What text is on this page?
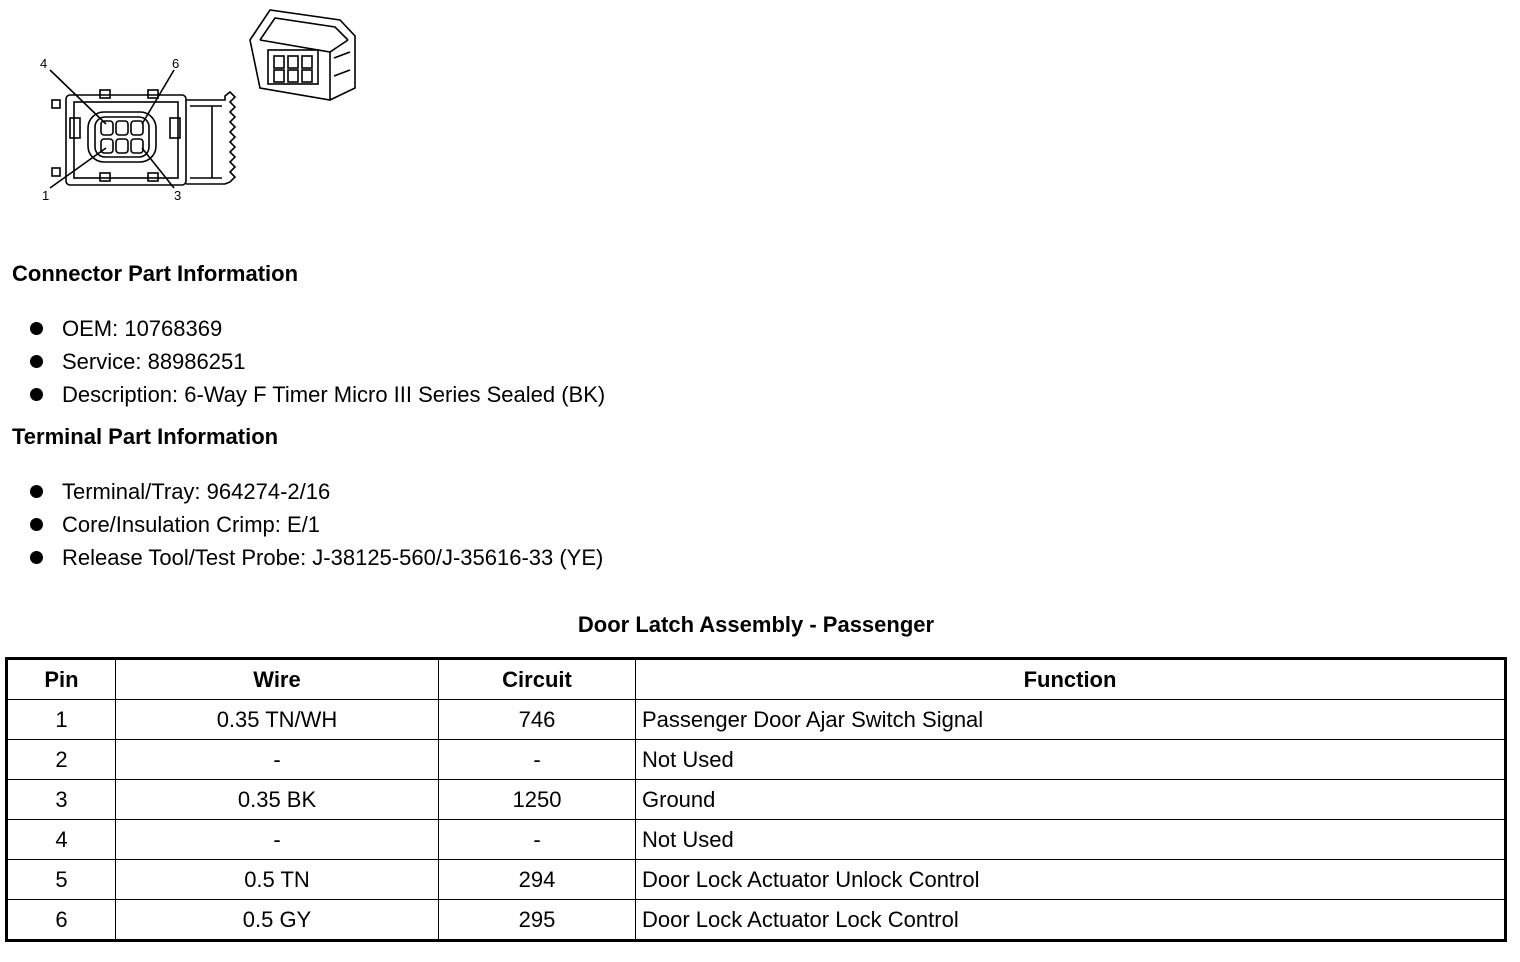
4	6
1	3
Connector Part Information
OEM: 10768369
Service: 88986251
Description: 6-Way F Timer Micro III Series Sealed (BK)
Terminal Part Information
Terminal/Tray: 964274-2/16
Core/Insulation Crimp: E/1
Release Tool/Test Probe: J-38125-560/J-35616-33 (YE)
Door Latch Assembly - Passenger
Pin	Wire	Circuit	Function
1	0.35 TN/WH	746	Passenger Door Ajar Switch Signal
2	-	-	Not Used
3	0.35 BK	1250	Ground
4	-	-	Not Used
5	0.5 TN	294	Door Lock Actuator Unlock Control
6	0.5 GY	295	Door Lock Actuator Lock Control
